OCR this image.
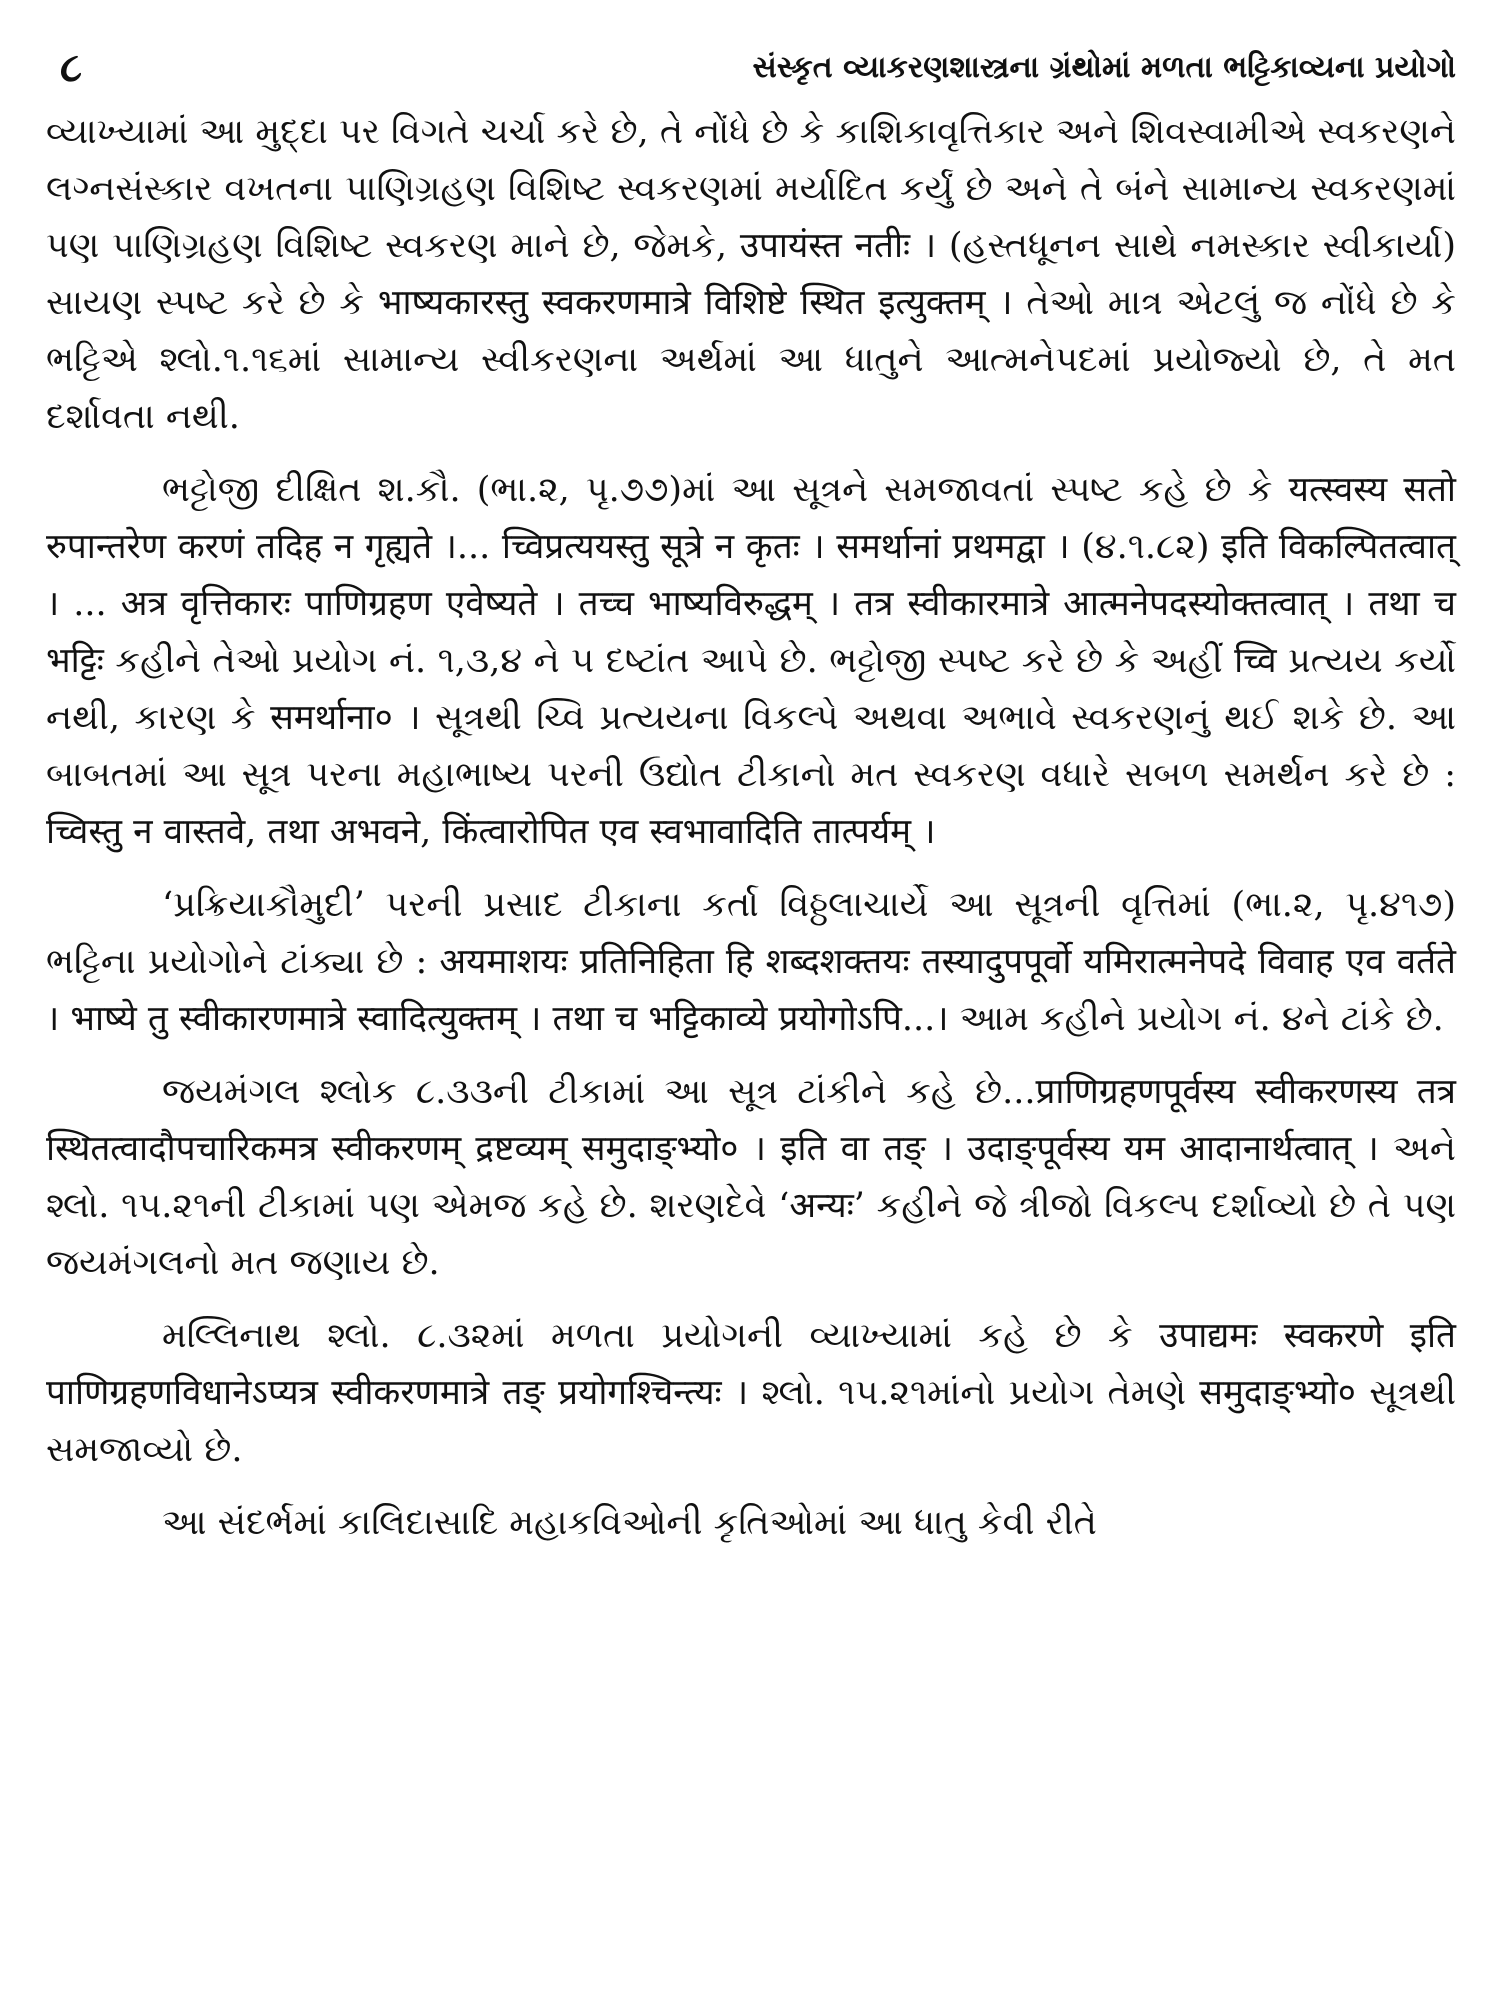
૮	સંસ્કૃત વ્યાકરણશાસ્ત્રના ગ્રંથોમાં મળતા ભટ્ટિકાવ્યના પ્રયોગો

વ્યાખ્યામાં આ મુદ્દા પર વિગતે ચર્ચા કરે છે, તે નોંધે છે કે કાશિકાવૃત્તિકાર અને શિવસ્વામીએ સ્વકરણને લગ્નસંસ્કાર વખતના પાણિગ્રહણ વિશિષ્ટ સ્વકરણમાં મર્યાદિત કર્યું છે અને તે બંને સામાન્ય સ્વકરણમાં પણ પાણિગ્રહણ વિશિષ્ટ સ્વકરણ માને છે, જેમકે, उपायंस्त नतीः । (હસ્તધૂનન સાથે નમસ્કાર સ્વીકાર્યા) સાયણ સ્પષ્ટ કરે છે કે भाष्यकारस्तु स्वकरणमात्रे विशिष्टे स्थित इत्युक्तम् । તેઓ માત્ર એટલું જ નોંધે છે કે ભટ્ટિએ શ્લો.૧.૧૬માં સામાન્ય સ્વીકરણના અર્થમાં આ ધાતુને આત્મનેપદમાં પ્રયોજ્યો છે, તે મત દર્શાવતા નથી.

ભટ્ટોજી દીક્ષિત શ.કૌ. (ભા.૨, પૃ.૭૭)માં આ સૂત્રને સમજાવતાં સ્પષ્ટ કહે છે કે यत्स्वस्य सतो रुपान्तरेण करणं तदिह न गृह्यते ।... च्विप्रत्ययस्तु सूत्रे न कृतः । समर्थानां प्रथमद्वा । (૪.૧.૮૨) इति विकल्पितत्वात् । ... अत्र वृत्तिकारः पाणिग्रहण एवेष्यते । तच्च भाष्यविरुद्धम् । तत्र स्वीकारमात्रे आत्मनेपदस्योक्तत्वात् । तथा च भट्टिः કહીને તેઓ પ્રયોગ નં. ૧,૩,૪ ને ૫ દષ્ટાંત આપે છે. ભટ્ટોજી સ્પષ્ટ કરે છે કે અહીં च्वि પ્રત્યય કર્યો નથી, કારણ કે समर्थाना० । સૂત્રથી ચ્વિ પ્રત્યયના વિકલ્પે અથવા અભાવે સ્વકરણનું થઈ શકે છે. આ બાબતમાં આ સૂત્ર પરના મહાભાષ્ય પરની ઉદ્યોત ટીકાનો મત સ્વકરણ વધારે સબળ સમર્થન કરે છે : च्विस्तु न वास्तवे, तथा अभवने, किंत्वारोपित एव स्वभावादिति तात्पर्यम् ।

‘પ્રક્રિયાકૌમુદી’ પરની પ્રસાદ ટીકાના કર્તા વિઠ્ઠલાચાર્યે આ સૂત્રની વૃત્તિમાં (ભા.૨, પૃ.૪૧૭) ભટ્ટિના પ્રયોગોને ટાંક્યા છે : अयमाशयः प्रतिनिहिता हि शब्दशक्तयः तस्यादुपपूर्वो यमिरात्मनेपदे विवाह एव वर्तते । भाष्ये तु स्वीकारणमात्रे स्वादित्युक्तम् । तथा च भट्टिकाव्ये प्रयोगोऽपि...। આમ કહીને પ્રયોગ નં. ૪ને ટાંકે છે.

જયમંગલ શ્લોક ૮.૩૩ની ટીકામાં આ સૂત્ર ટાંકીને કહે છે...प्राणिग्रहणपूर्वस्य स्वीकरणस्य तत्र स्थितत्वादौपचारिकमत्र स्वीकरणम् द्रष्टव्यम् समुदाङ्भ्यो० । इति वा तङ् । उदाङ्पूर्वस्य यम आदानार्थत्वात् । અને શ્લો. ૧૫.૨૧ની ટીકામાં પણ એમજ કહે છે. શરણદેવે ‘अन्यः’ કહીને જે ત્રીજો વિકલ્પ દર્શાવ્યો છે તે પણ જયમંગલનો મત જણાય છે.

મલ્લિનાથ શ્લો. ૮.૩૨માં મળતા પ્રયોગની વ્યાખ્યામાં કહે છે કે उपाद्यमः स्वकरणे इति पाणिग्रहणविधानेऽप्यत्र स्वीकरणमात्रे तङ् प्रयोगश्चिन्त्यः । શ્લો. ૧૫.૨૧માંનો પ્રયોગ તેમણે समुदाङ्भ्यो० સૂત્રથી સમજાવ્યો છે.

આ સંદર્ભમાં કાલિદાસાદિ મહાકવિઓની કૃતિઓમાં આ ધાતુ કેવી રીતે
